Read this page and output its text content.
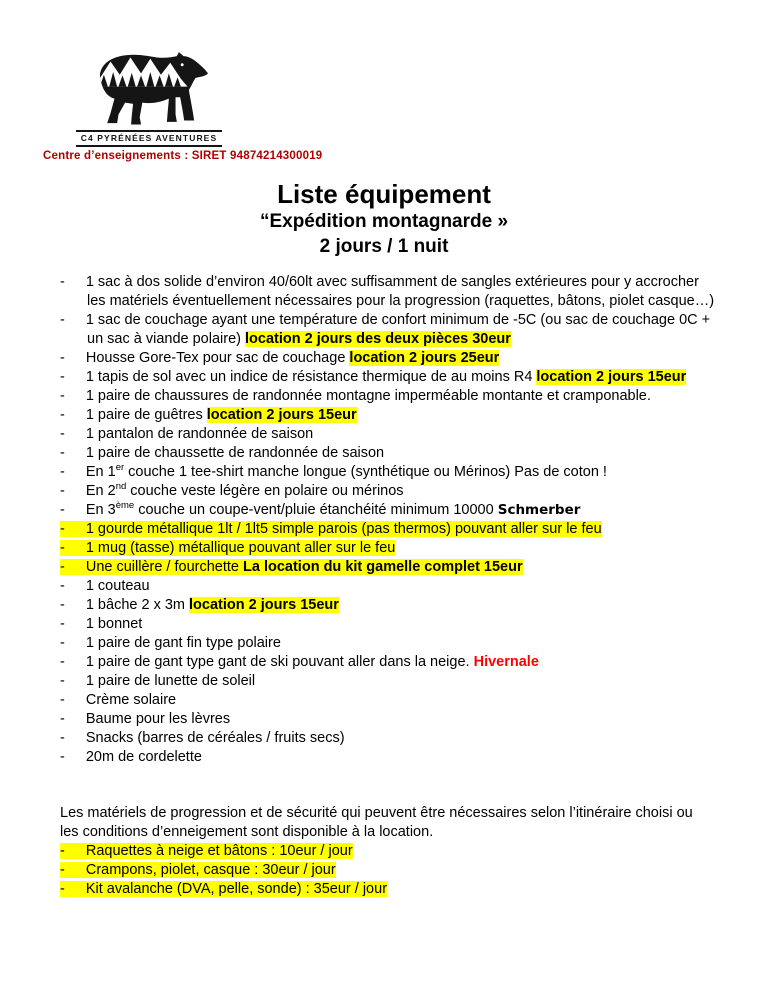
C4 PYRÉNÉES AVENTURES
Centre d’enseignements : SIRET 94874214300019
Liste équipement
“Expédition montagnarde »
2 jours / 1 nuit
- 1 sac à dos solide d’environ 40/60lt avec suffisamment de sangles extérieures pour y accrocher les matériels éventuellement nécessaires pour la progression (raquettes, bâtons, piolet casque…)
- 1 sac de couchage ayant une température de confort minimum de -5C (ou sac de couchage 0C + un sac à viande polaire) location 2 jours des deux pièces 30eur
- Housse Gore-Tex pour sac de couchage location 2 jours 25eur
- 1 tapis de sol avec un indice de résistance thermique de au moins R4 location 2 jours 15eur
- 1 paire de chaussures de randonnée montagne imperméable montante et cramponable.
- 1 paire de guêtres location 2 jours 15eur
- 1 pantalon de randonnée de saison
- 1 paire de chaussette de randonnée de saison
- En 1er couche 1 tee-shirt manche longue (synthétique ou Mérinos) Pas de coton !
- En 2nd couche veste légère en polaire ou mérinos
- En 3ème couche un coupe-vent/pluie étanchéité minimum 10000 Schmerber
- 1 gourde métallique 1lt / 1lt5 simple parois (pas thermos) pouvant aller sur le feu
- 1 mug (tasse) métallique pouvant aller sur le feu
- Une cuillère / fourchette La location du kit gamelle complet 15eur
- 1 couteau
- 1 bâche 2 x 3m location 2 jours 15eur
- 1 bonnet
- 1 paire de gant fin type polaire
- 1 paire de gant type gant de ski pouvant aller dans la neige. Hivernale
- 1 paire de lunette de soleil
- Crème solaire
- Baume pour les lèvres
- Snacks (barres de céréales / fruits secs)
- 20m de cordelette

Les matériels de progression et de sécurité qui peuvent être nécessaires selon l’itinéraire choisi ou les conditions d’enneigement sont disponible à la location.

- Raquettes à neige et bâtons : 10eur / jour
- Crampons, piolet, casque : 30eur / jour
- Kit avalanche (DVA, pelle, sonde) : 35eur / jour
